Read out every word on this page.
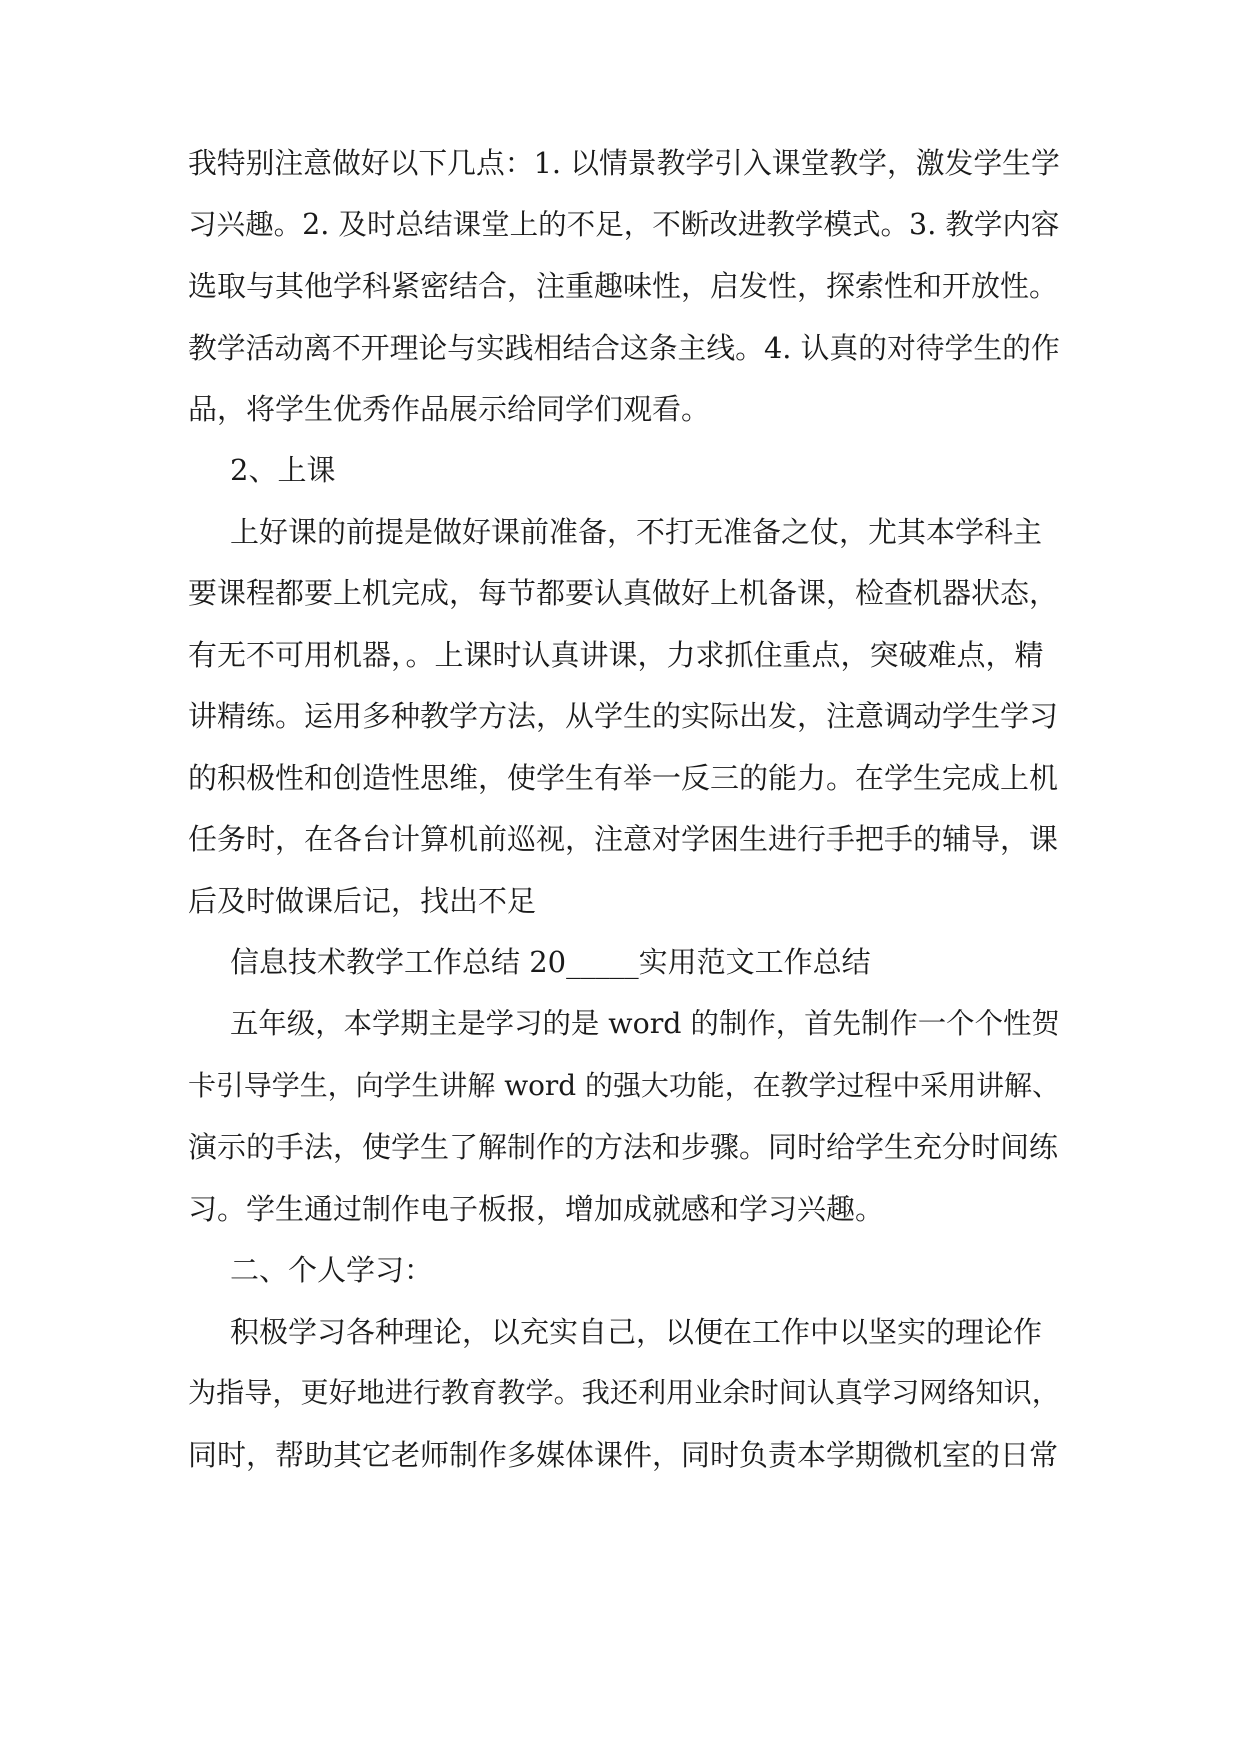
我特别注意做好以下几点：1. 以情景教学引入课堂教学，激发学生学

习兴趣。2. 及时总结课堂上的不足，不断改进教学模式。3. 教学内容

选取与其他学科紧密结合，注重趣味性，启发性，探索性和开放性。

教学活动离不开理论与实践相结合这条主线。4. 认真的对待学生的作

品，将学生优秀作品展示给同学们观看。

2、上课

上好课的前提是做好课前准备，不打无准备之仗，尤其本学科主

要课程都要上机完成，每节都要认真做好上机备课，检查机器状态，

有无不可用机器，。上课时认真讲课，力求抓住重点，突破难点，精

讲精练。运用多种教学方法，从学生的实际出发，注意调动学生学习

的积极性和创造性思维，使学生有举一反三的能力。在学生完成上机

任务时，在各台计算机前巡视，注意对学困生进行手把手的辅导，课

后及时做课后记，找出不足

信息技术教学工作总结 20_____实用范文工作总结

五年级，本学期主是学习的是 word 的制作，首先制作一个个性贺

卡引导学生，向学生讲解 word 的强大功能，在教学过程中采用讲解、

演示的手法，使学生了解制作的方法和步骤。同时给学生充分时间练

习。学生通过制作电子板报，增加成就感和学习兴趣。

二、个人学习：

积极学习各种理论，以充实自己，以便在工作中以坚实的理论作

为指导，更好地进行教育教学。我还利用业余时间认真学习网络知识，

同时，帮助其它老师制作多媒体课件，同时负责本学期微机室的日常
